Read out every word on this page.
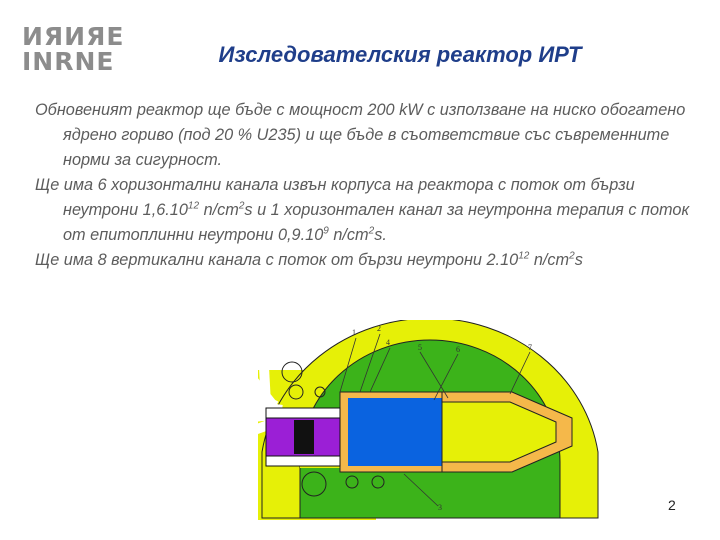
ИЯИЯЕ
INRNE	Изследователския реактор ИРТ

Обновеният реактор ще бъде с мощност 200 kW с използване на ниско обогатено ядрено гориво (под 20 % U235) и ще бъде в съответствие със съвременните норми за сигурност.

Ще има 6 хоризонтални канала извън корпуса на реактора с поток от бързи неутрони 1,6.10$^{12}$ $n/cm^2s$ и 1 хоризонтален канал за неутронна терапия с поток от епитоплинни неутрони 0,9.10$^9$ $n/cm^2s$.

Ще има 8 вертикални канала с поток от бързи неутрони 2.10$^{12}$ $n/cm^2s$

1	2
3
4
5	6	7
2
